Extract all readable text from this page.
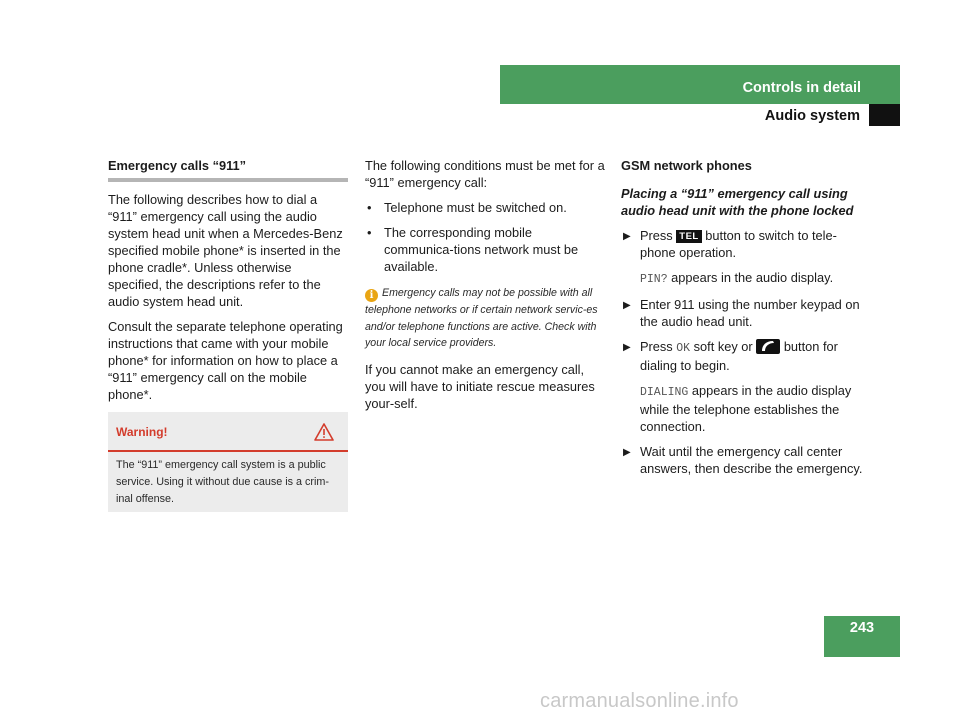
Controls in detail
Audio system
Emergency calls “911”

The following describes how to dial a “911” emergency call using the audio system head unit when a Mercedes-Benz specified mobile phone* is inserted in the phone cradle*. Unless otherwise specified, the descriptions refer to the audio system head unit.

Consult the separate telephone operating instructions that came with your mobile phone* for information on how to place a “911” emergency call on the mobile phone*.

Warning!
The “911” emergency call system is a public service. Using it without due cause is a crim-inal offense.

The following conditions must be met for a “911” emergency call:

• Telephone must be switched on.
• The corresponding mobile communica-tions network must be available.
i Emergency calls may not be possible with all telephone networks or if certain network servic-es and/or telephone functions are active. Check with your local service providers.

If you cannot make an emergency call, you will have to initiate rescue measures your-self.

GSM network phones
Placing a “911” emergency call using audio head unit with the phone locked
▶ Press TEL button to switch to tele-phone operation.
PIN? appears in the audio display.
▶ Enter 911 using the number keypad on the audio head unit.
▶ Press OK soft key or button for dialing to begin.
DIALING appears in the audio display while the telephone establishes the connection.
▶ Wait until the emergency call center answers, then describe the emergency.
243
carmanualsonline.info
